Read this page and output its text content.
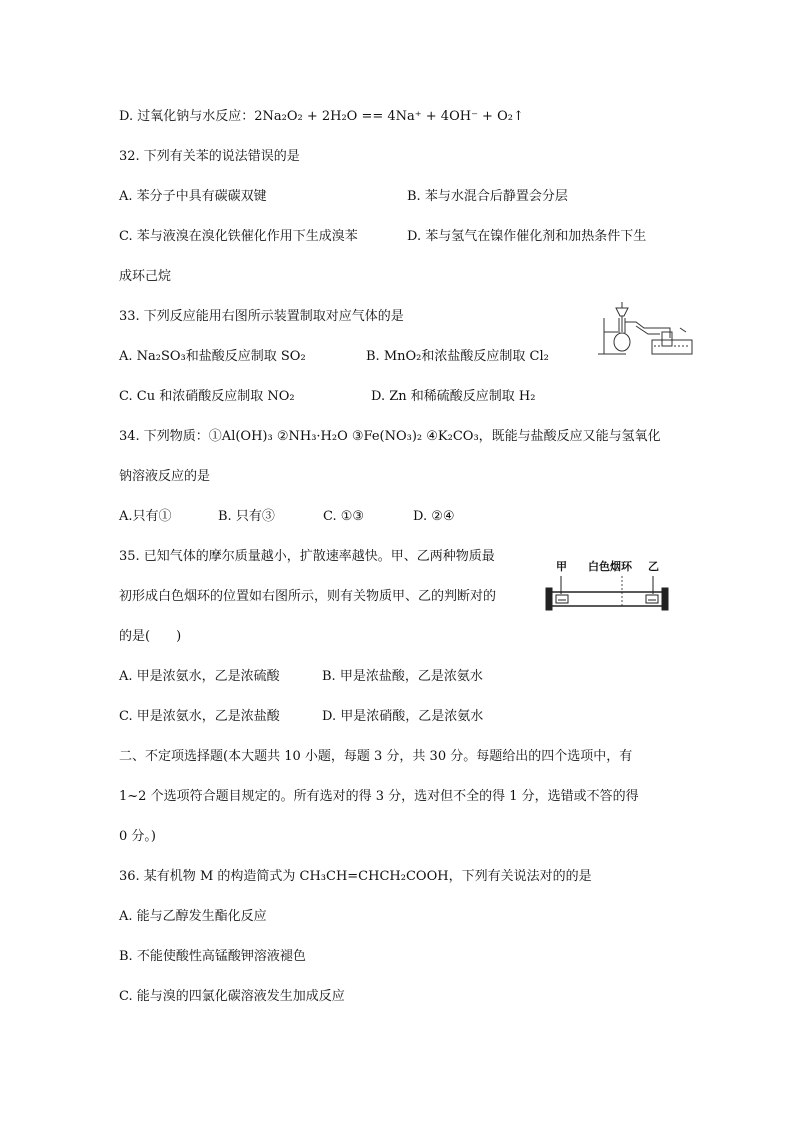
D. 过氧化钠与水反应：2Na₂O₂ + 2H₂O == 4Na⁺ + 4OH⁻ + O₂↑
32. 下列有关苯的说法错误的是
A. 苯分子中具有碳碳双键	B. 苯与水混合后静置会分层
C. 苯与液溴在溴化铁催化作用下生成溴苯	D. 苯与氢气在镍作催化剂和加热条件下生
成环己烷
33. 下列反应能用右图所示装置制取对应气体的是
A. Na₂SO₃和盐酸反应制取 SO₂	B. MnO₂和浓盐酸反应制取 Cl₂
C. Cu 和浓硝酸反应制取 NO₂	D. Zn 和稀硫酸反应制取 H₂
34. 下列物质：①Al(OH)₃ ②NH₃·H₂O ③Fe(NO₃)₂ ④K₂CO₃，既能与盐酸反应又能与氢氧化
钠溶液反应的是
A.只有①	B. 只有③	C. ①③	D. ②④
35. 已知气体的摩尔质量越小，扩散速率越快。甲、乙两种物质最
初形成白色烟环的位置如右图所示，则有关物质甲、乙的判断对的
的是(　　)
甲 白色烟环 乙
A. 甲是浓氨水，乙是浓硫酸	B. 甲是浓盐酸，乙是浓氨水
C. 甲是浓氨水，乙是浓盐酸	D. 甲是浓硝酸，乙是浓氨水
二、不定项选择题(本大题共 10 小题，每题 3 分，共 30 分。每题给出的四个选项中，有
1~2 个选项符合题目规定的。所有选对的得 3 分，选对但不全的得 1 分，选错或不答的得
0 分。)
36. 某有机物 M 的构造简式为 CH₃CH=CHCH₂COOH，下列有关说法对的的是
A. 能与乙醇发生酯化反应
B. 不能使酸性高锰酸钾溶液褪色
C. 能与溴的四氯化碳溶液发生加成反应
